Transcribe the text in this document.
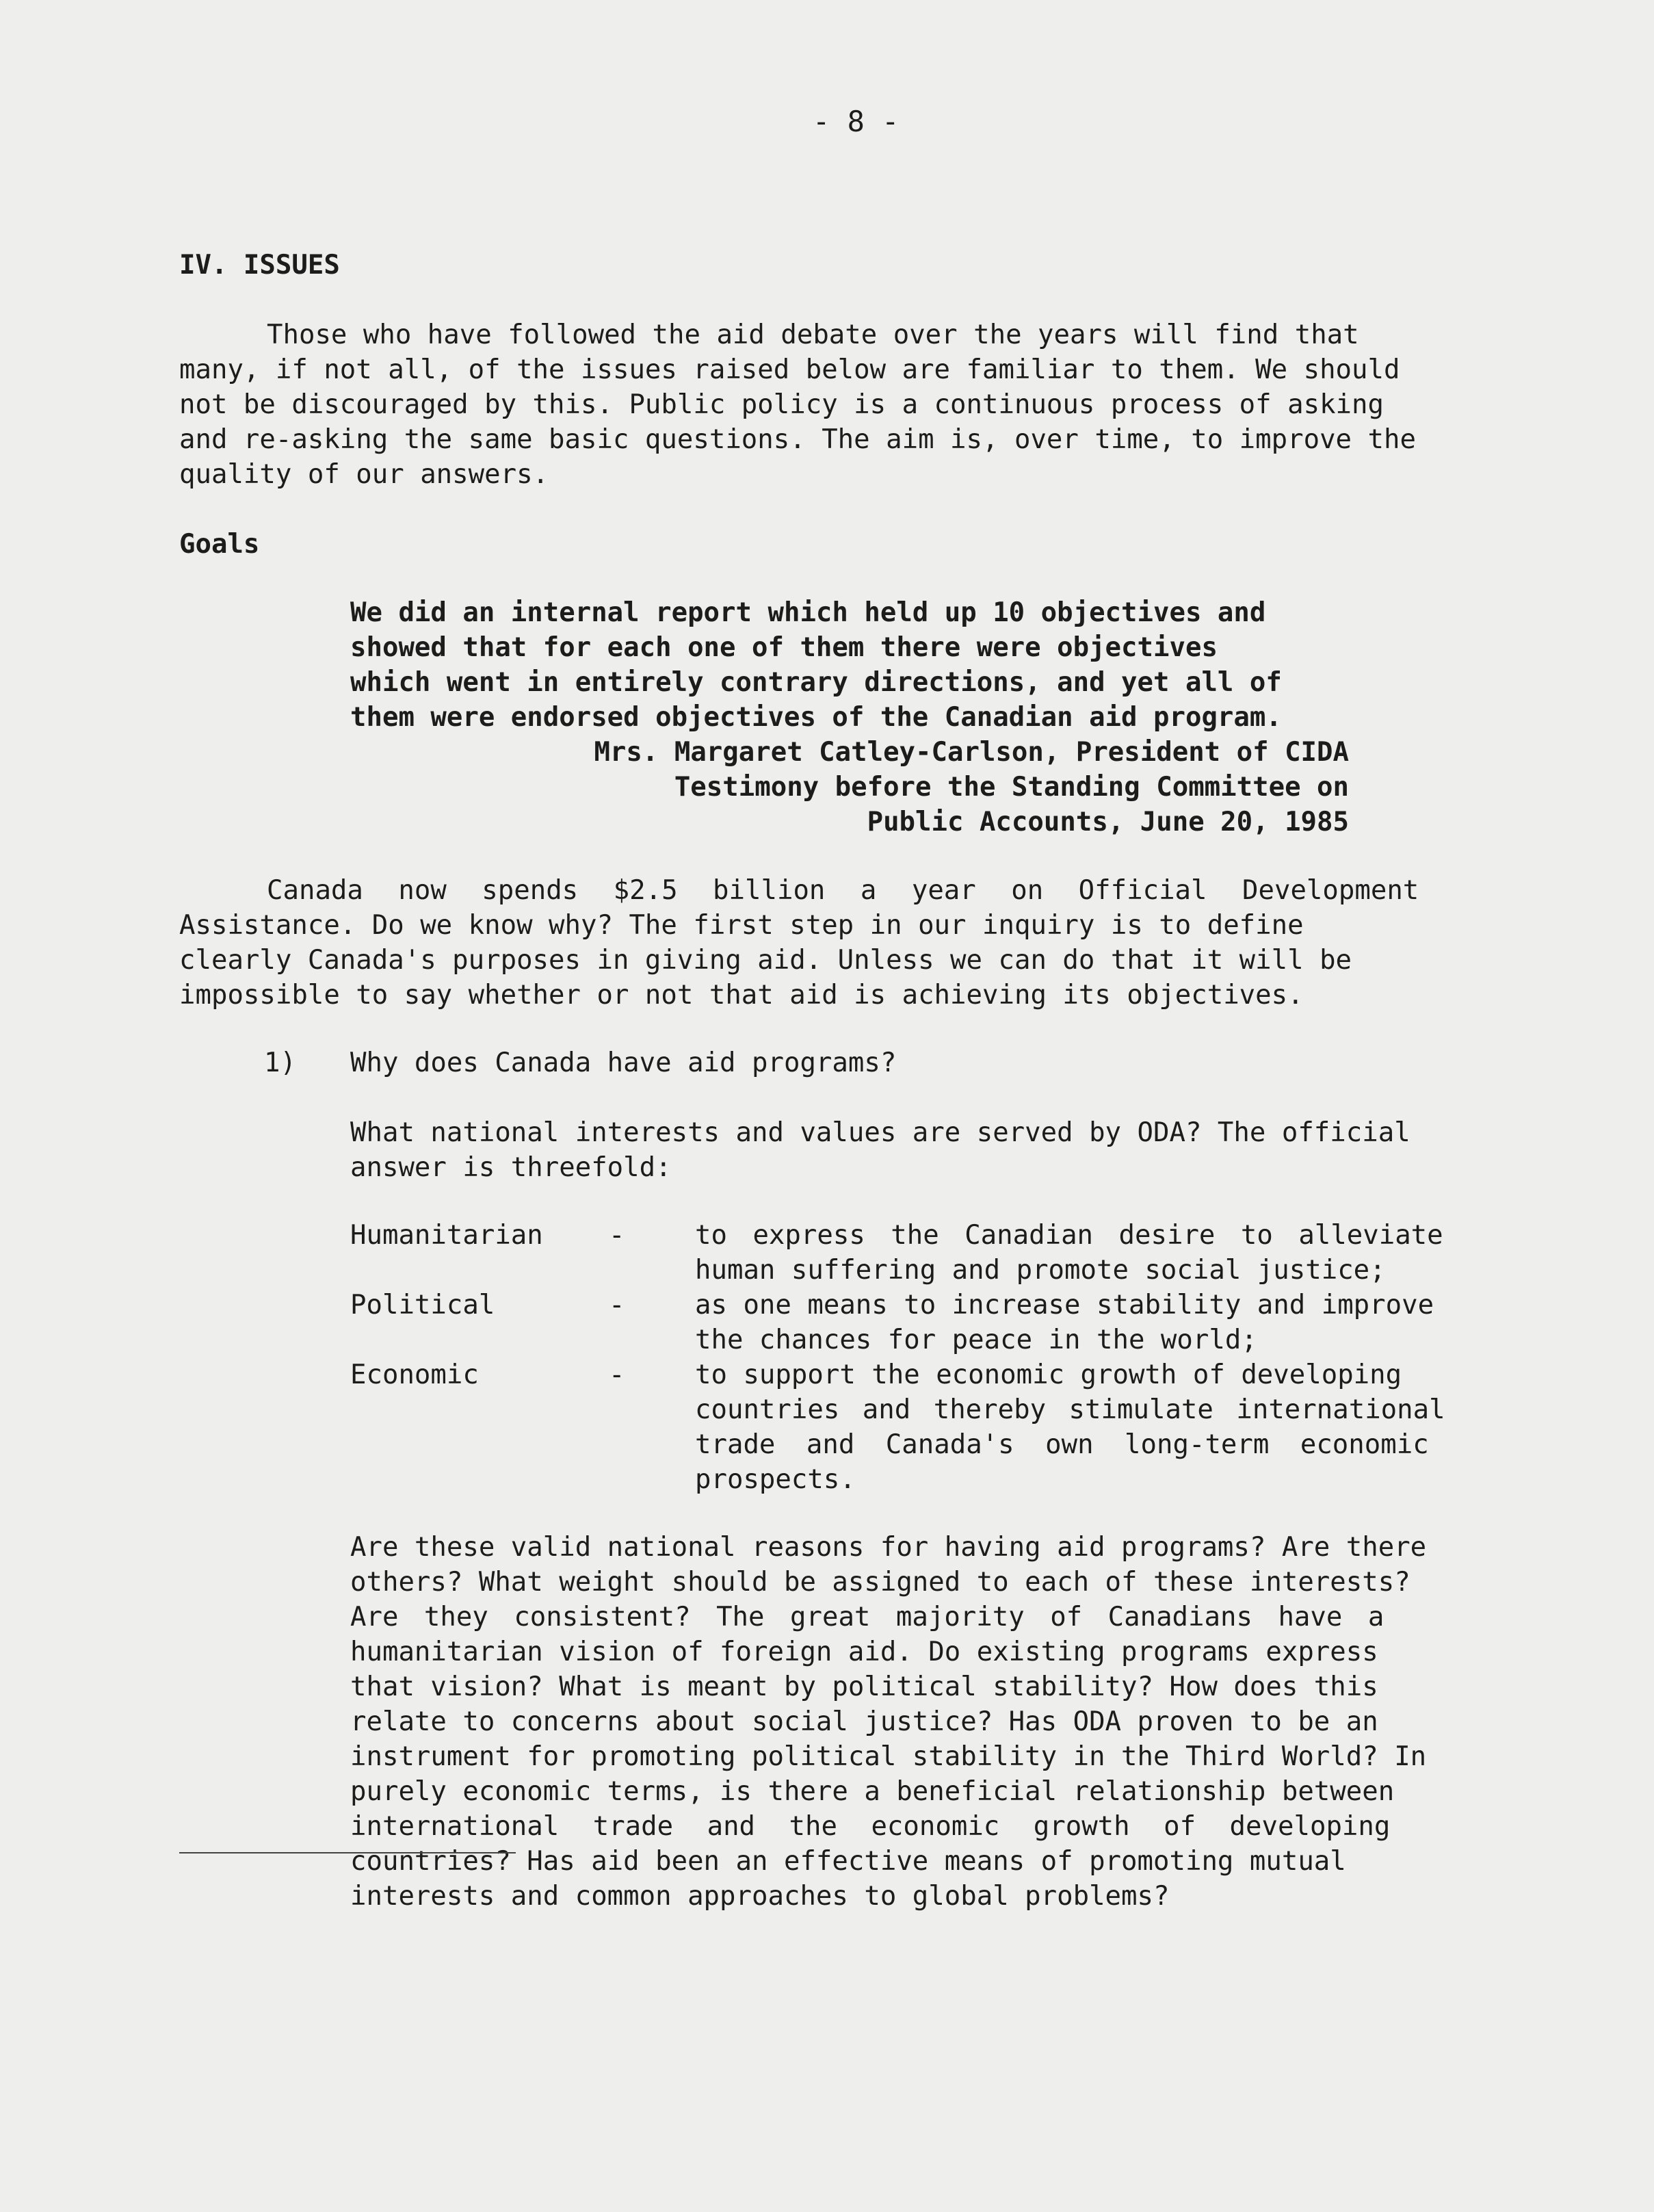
- 8 -
IV. ISSUES
Those who have followed the aid debate over the years will find that
many, if not all, of the issues raised below are familiar to them. We should
not be discouraged by this. Public policy is a continuous process of asking
and re-asking the same basic questions. The aim is, over time, to improve the
quality of our answers.
Goals
We did an internal report which held up 10 objectives and
showed that for each one of them there were objectives
which went in entirely contrary directions, and yet all of
them were endorsed objectives of the Canadian aid program.
Mrs. Margaret Catley-Carlson, President of CIDA
Testimony before the Standing Committee on
Public Accounts, June 20, 1985
Canada now spends $2.5 billion a year on Official Development
Assistance. Do we know why? The first step in our inquiry is to define
clearly Canada's purposes in giving aid. Unless we can do that it will be
impossible to say whether or not that aid is achieving its objectives.
1) Why does Canada have aid programs?
What national interests and values are served by ODA? The official
answer is threefold:
Humanitarian -	to express the Canadian desire to alleviate
human suffering and promote social justice;
Political	-	as one means to increase stability and improve
the chances for peace in the world;
Economic	-	to support the economic growth of developing
countries and thereby stimulate international
trade and Canada's own long-term economic
prospects.
Are these valid national reasons for having aid programs? Are there
others? What weight should be assigned to each of these interests?
Are they consistent? The great majority of Canadians have a
humanitarian vision of foreign aid. Do existing programs express
that vision? What is meant by political stability? How does this
relate to concerns about social justice? Has ODA proven to be an
instrument for promoting political stability in the Third World? In
purely economic terms, is there a beneficial relationship between
international trade and the economic growth of developing
countries? Has aid been an effective means of promoting mutual
interests and common approaches to global problems?
